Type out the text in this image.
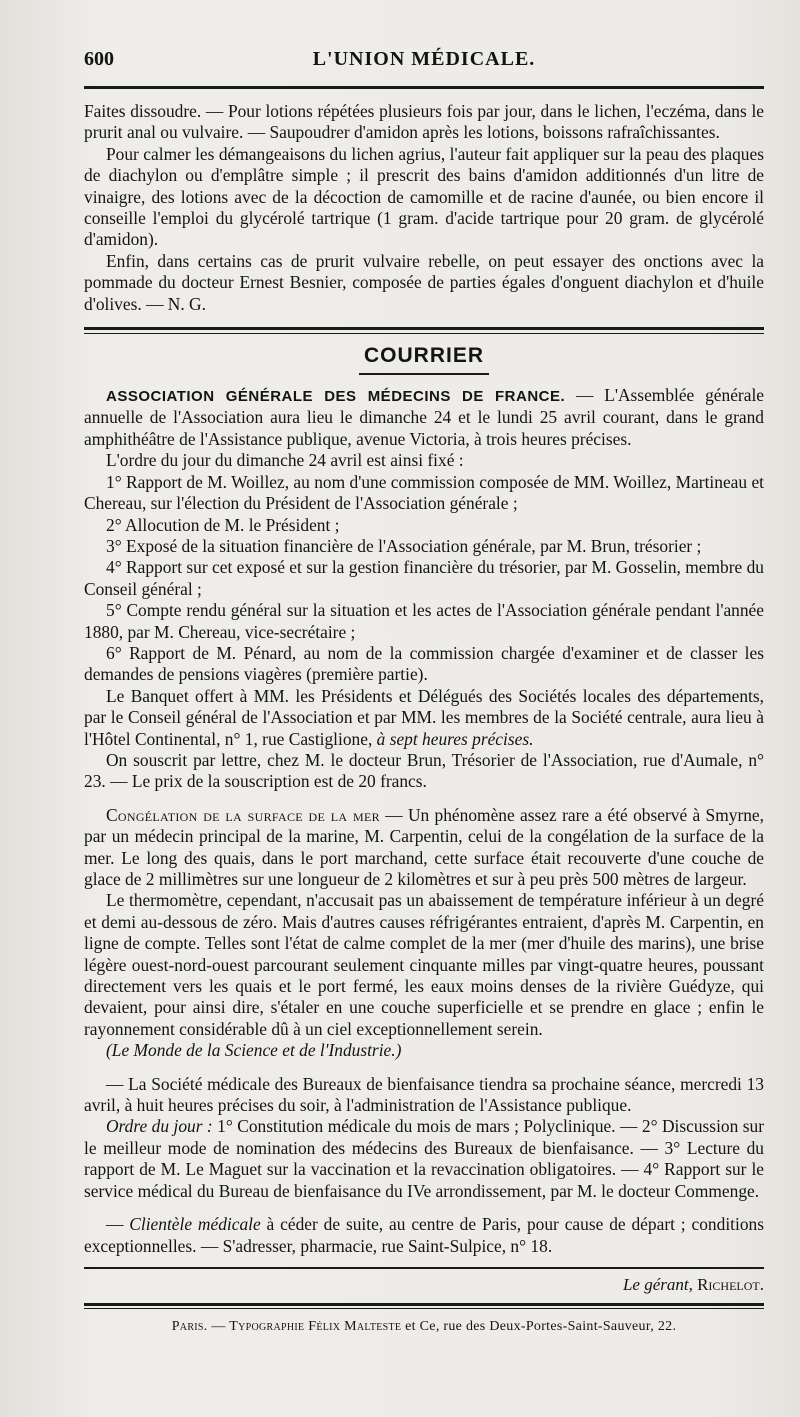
600	L'UNION MÉDICALE.

Faites dissoudre. — Pour lotions répétées plusieurs fois par jour, dans le lichen, l'eczéma, dans le prurit anal ou vulvaire. — Saupoudrer d'amidon après les lotions, boissons rafraîchissantes.

Pour calmer les démangeaisons du lichen agrius, l'auteur fait appliquer sur la peau des plaques de diachylon ou d'emplâtre simple ; il prescrit des bains d'amidon additionnés d'un litre de vinaigre, des lotions avec de la décoction de camomille et de racine d'aunée, ou bien encore il conseille l'emploi du glycérolé tartrique (1 gram. d'acide tartrique pour 20 gram. de glycérolé d'amidon).

Enfin, dans certains cas de prurit vulvaire rebelle, on peut essayer des onctions avec la pommade du docteur Ernest Besnier, composée de parties égales d'onguent diachylon et d'huile d'olives. — N. G.

COURRIER

ASSOCIATION GÉNÉRALE DES MÉDECINS DE FRANCE. — L'Assemblée générale annuelle de l'Association aura lieu le dimanche 24 et le lundi 25 avril courant, dans le grand amphithéâtre de l'Assistance publique, avenue Victoria, à trois heures précises.

L'ordre du jour du dimanche 24 avril est ainsi fixé :

1° Rapport de M. Woillez, au nom d'une commission composée de MM. Woillez, Martineau et Chereau, sur l'élection du Président de l'Association générale ;

2° Allocution de M. le Président ;

3° Exposé de la situation financière de l'Association générale, par M. Brun, trésorier ;

4° Rapport sur cet exposé et sur la gestion financière du trésorier, par M. Gosselin, membre du Conseil général ;

5° Compte rendu général sur la situation et les actes de l'Association générale pendant l'année 1880, par M. Chereau, vice-secrétaire ;

6° Rapport de M. Pénard, au nom de la commission chargée d'examiner et de classer les demandes de pensions viagères (première partie).

Le Banquet offert à MM. les Présidents et Délégués des Sociétés locales des départements, par le Conseil général de l'Association et par MM. les membres de la Société centrale, aura lieu à l'Hôtel Continental, n° 1, rue Castiglione, à sept heures précises.

On souscrit par lettre, chez M. le docteur Brun, Trésorier de l'Association, rue d'Aumale, n° 23. — Le prix de la souscription est de 20 francs.

Congélation de la surface de la mer — Un phénomène assez rare a été observé à Smyrne, par un médecin principal de la marine, M. Carpentin, celui de la congélation de la surface de la mer. Le long des quais, dans le port marchand, cette surface était recouverte d'une couche de glace de 2 millimètres sur une longueur de 2 kilomètres et sur à peu près 500 mètres de largeur.

Le thermomètre, cependant, n'accusait pas un abaissement de température inférieur à un degré et demi au-dessous de zéro. Mais d'autres causes réfrigérantes entraient, d'après M. Carpentin, en ligne de compte. Telles sont l'état de calme complet de la mer (mer d'huile des marins), une brise légère ouest-nord-ouest parcourant seulement cinquante milles par vingt-quatre heures, poussant directement vers les quais et le port fermé, les eaux moins denses de la rivière Guédyze, qui devaient, pour ainsi dire, s'étaler en une couche superficielle et se prendre en glace ; enfin le rayonnement considérable dû à un ciel exceptionnellement serein.

(Le Monde de la Science et de l'Industrie.)

— La Société médicale des Bureaux de bienfaisance tiendra sa prochaine séance, mercredi 13 avril, à huit heures précises du soir, à l'administration de l'Assistance publique.

Ordre du jour : 1° Constitution médicale du mois de mars ; Polyclinique. — 2° Discussion sur le meilleur mode de nomination des médecins des Bureaux de bienfaisance. — 3° Lecture du rapport de M. Le Maguet sur la vaccination et la revaccination obligatoires. — 4° Rapport sur le service médical du Bureau de bienfaisance du IVe arrondissement, par M. le docteur Commenge.

— Clientèle médicale à céder de suite, au centre de Paris, pour cause de départ ; conditions exceptionnelles. — S'adresser, pharmacie, rue Saint-Sulpice, n° 18.

Le gérant, Richelot.
Paris. — Typographie Félix Malteste et Ce, rue des Deux-Portes-Saint-Sauveur, 22.
